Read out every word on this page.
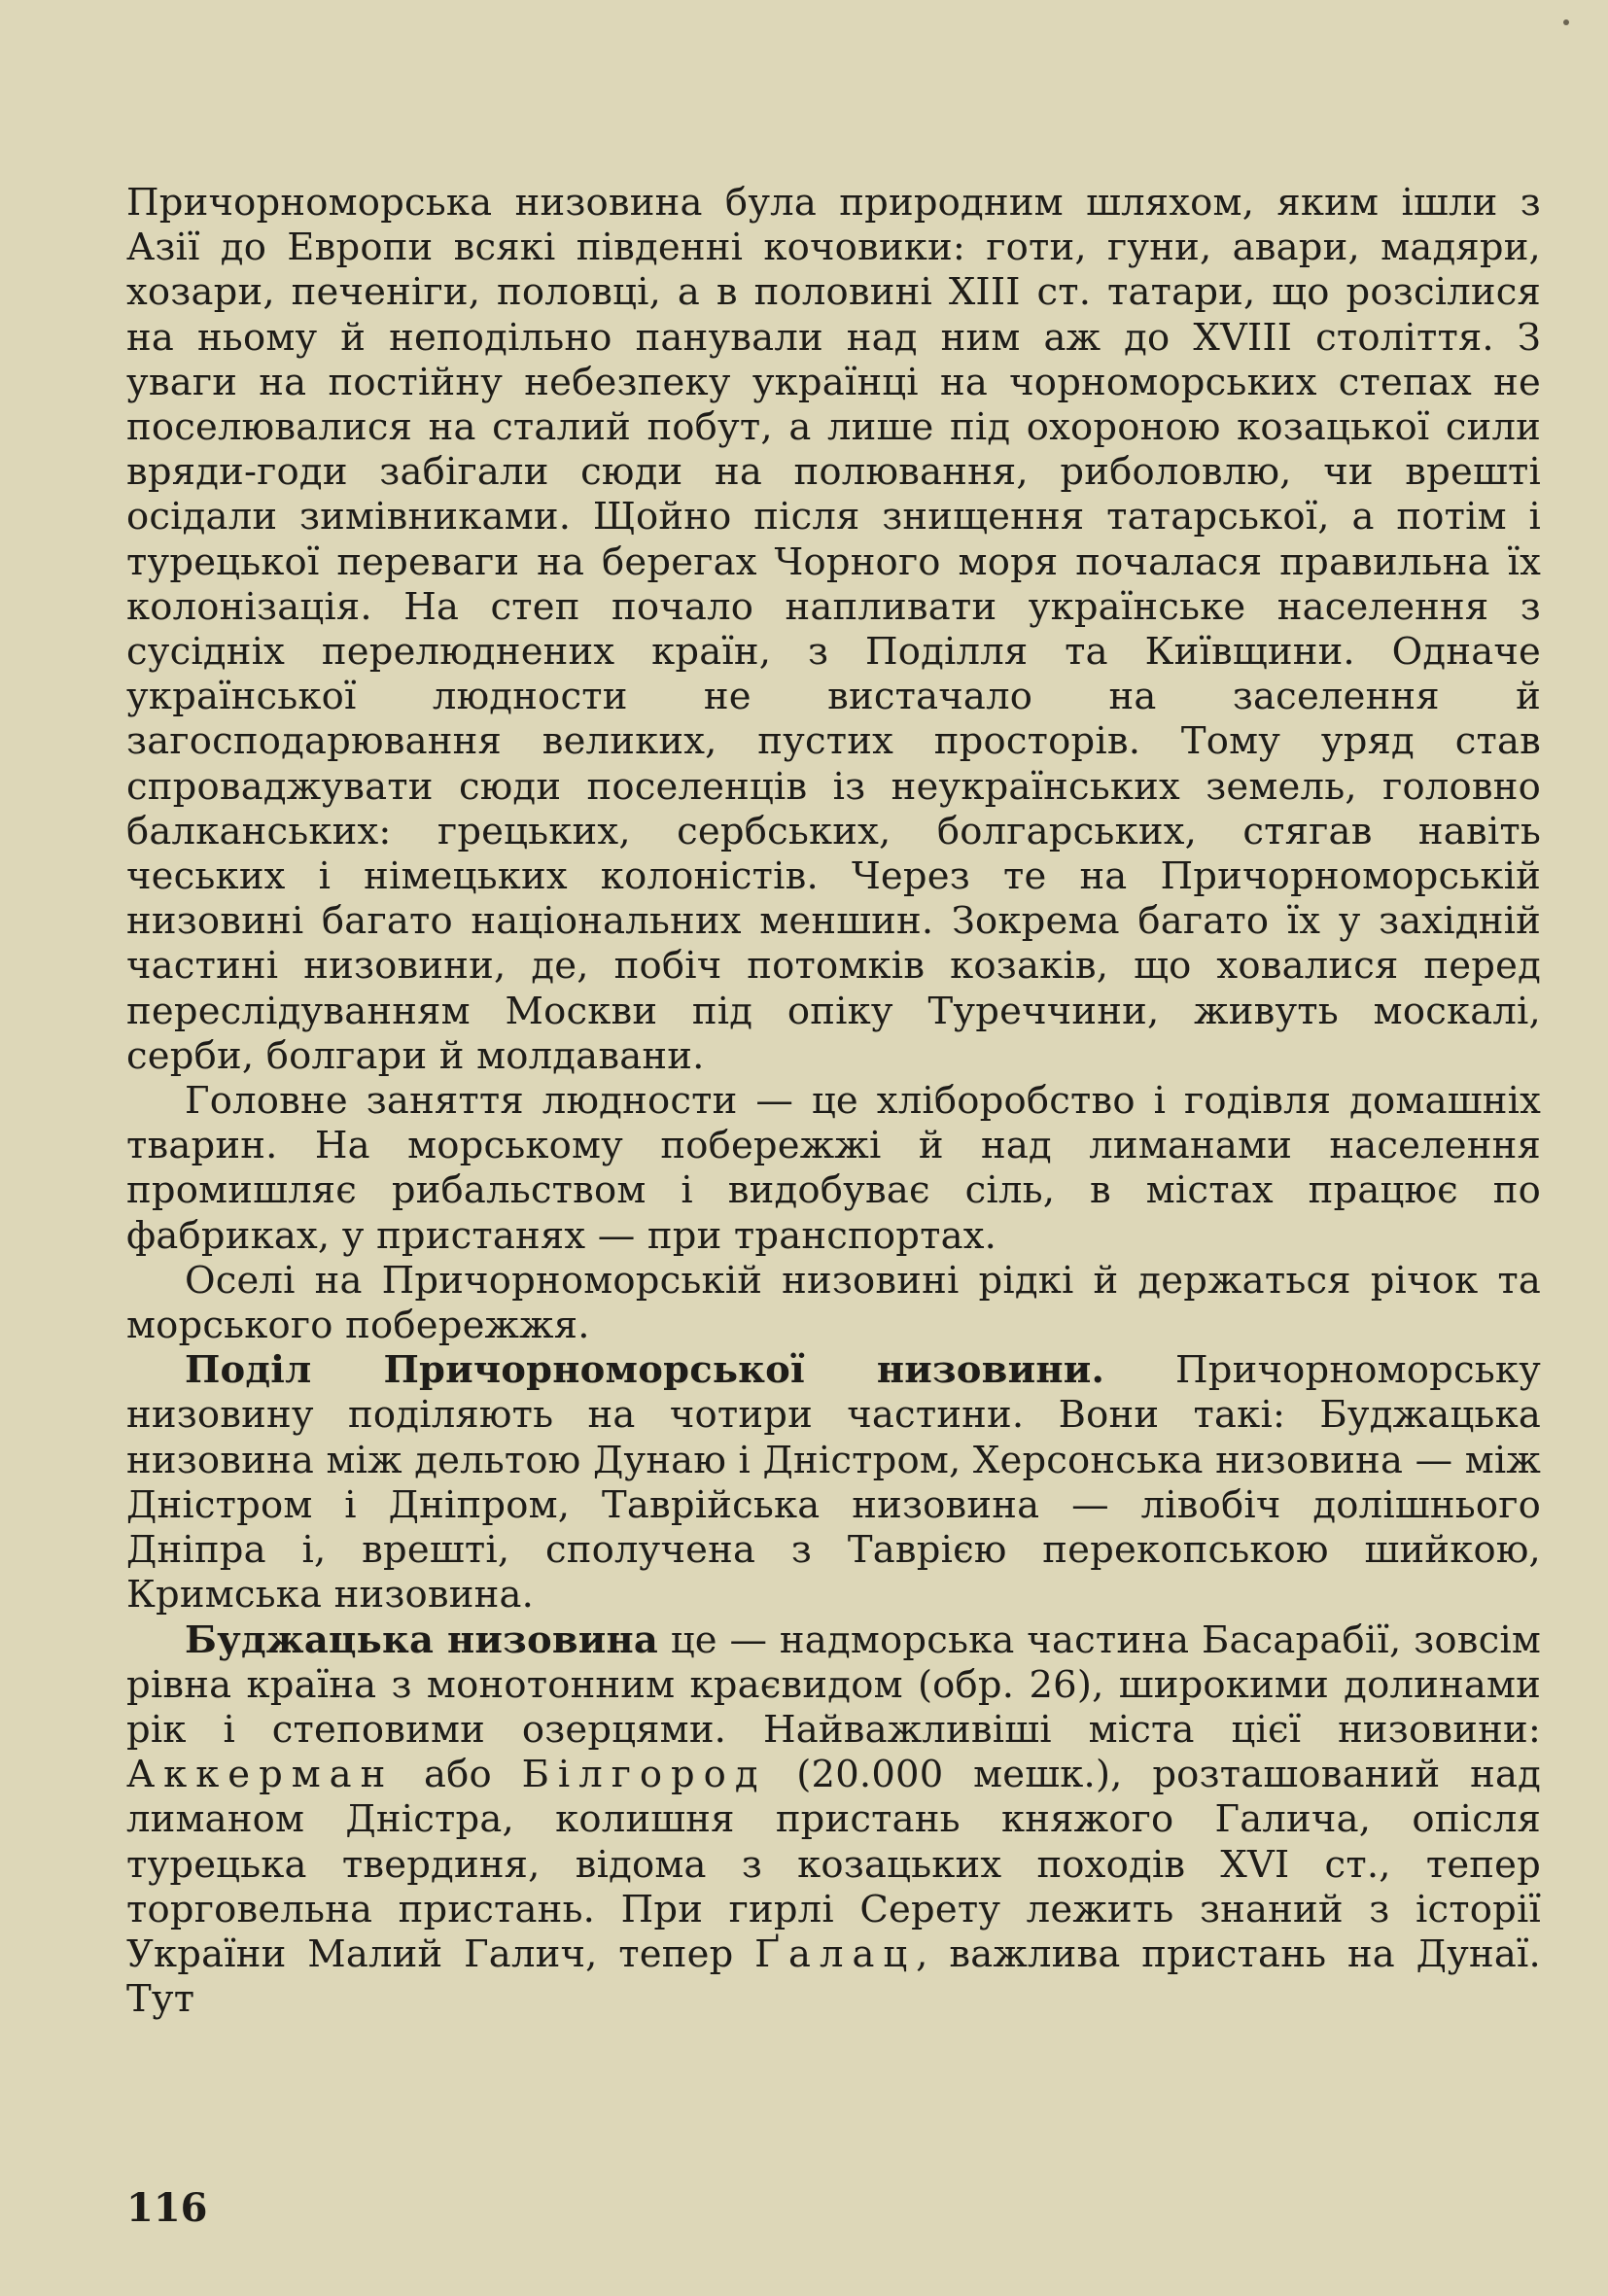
Причорноморська низовина була природним шляхом, яким ішли з Азії до Европи всякі південні кочовики: готи, гуни, авари, мадяри, хозари, печеніги, половці, а в половині XIII ст. татари, що розсілися на ньому й неподільно панували над ним аж до XVIII століття. З уваги на постійну небезпеку українці на чорноморських степах не поселювалися на сталий побут, а лише під охороною козацької сили вряди-годи забігали сюди на полювання, риболовлю, чи врешті осідали зимівниками. Щойно після знищення татарської, а потім і турецької переваги на берегах Чорного моря почалася правильна їх колонізація. На степ почало напливати українське населення з сусідніх перелюднених країн, з Поділля та Київщини. Одначе української людности не вистачало на заселення й загосподарювання великих, пустих просторів. Тому уряд став спроваджувати сюди поселенців із неукраїнських земель, головно балканських: грецьких, сербських, болгарських, стягав навіть чеських і німецьких колоністів. Через те на Причорноморській низовині багато національних меншин. Зокрема багато їх у західній частині низовини, де, побіч потомків козаків, що ховалися перед переслідуванням Москви під опіку Туреччини, живуть москалі, серби, болгари й молдавани.

Головне заняття людности — це хліборобство і годівля домашніх тварин. На морському побережжі й над лиманами населення промишляє рибальством і видобуває сіль, в містах працює по фабриках, у пристанях — при транспортах.

Оселі на Причорноморській низовині рідкі й держаться річок та морського побережжя.

Поділ Причорноморської низовини. Причорноморську низовину поділяють на чотири частини. Вони такі: Буджацька низовина між дельтою Дунаю і Дністром, Херсонська низовина — між Дністром і Дніпром, Таврійська низовина — лівобіч долішнього Дніпра і, врешті, сполучена з Таврією перекопською шийкою, Кримська низовина.

Буджацька низовина це — надморська частина Басарабії, зовсім рівна країна з монотонним краєвидом (обр. 26), широкими долинами рік і степовими озерцями. Найважливіші міста цієї низовини: Аккерман або Білгород (20.000 мешк.), розташований над лиманом Дністра, колишня пристань княжого Галича, опісля турецька твердиня, відома з козацьких походів XVI ст., тепер торговельна пристань. При гирлі Серету лежить знаний з історії України Малий Галич, тепер Ґалац, важлива пристань на Дунаї. Тут

116
